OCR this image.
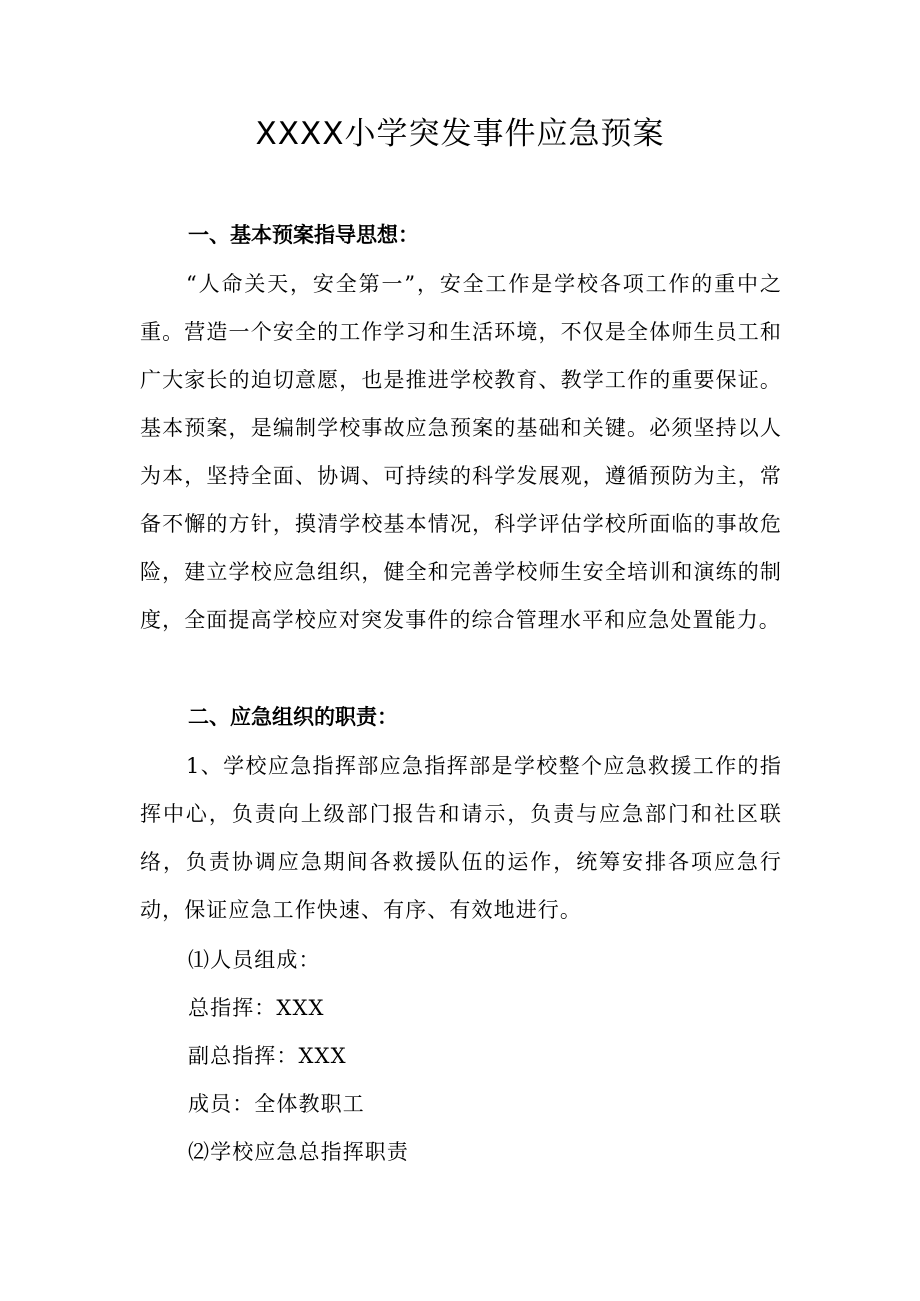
XXXX小学突发事件应急预案
一、基本预案指导思想：

“人命关天，安全第一”，安全工作是学校各项工作的重中之重。营造一个安全的工作学习和生活环境，不仅是全体师生员工和广大家长的迫切意愿，也是推进学校教育、教学工作的重要保证。基本预案，是编制学校事故应急预案的基础和关键。必须坚持以人为本，坚持全面、协调、可持续的科学发展观，遵循预防为主，常备不懈的方针，摸清学校基本情况，科学评估学校所面临的事故危险，建立学校应急组织，健全和完善学校师生安全培训和演练的制度，全面提高学校应对突发事件的综合管理水平和应急处置能力。

二、应急组织的职责：

1、学校应急指挥部应急指挥部是学校整个应急救援工作的指挥中心，负责向上级部门报告和请示，负责与应急部门和社区联络，负责协调应急期间各救援队伍的运作，统筹安排各项应急行动，保证应急工作快速、有序、有效地进行。

⑴人员组成：

总指挥：XXX

副总指挥：XXX

成员：全体教职工

⑵学校应急总指挥职责
